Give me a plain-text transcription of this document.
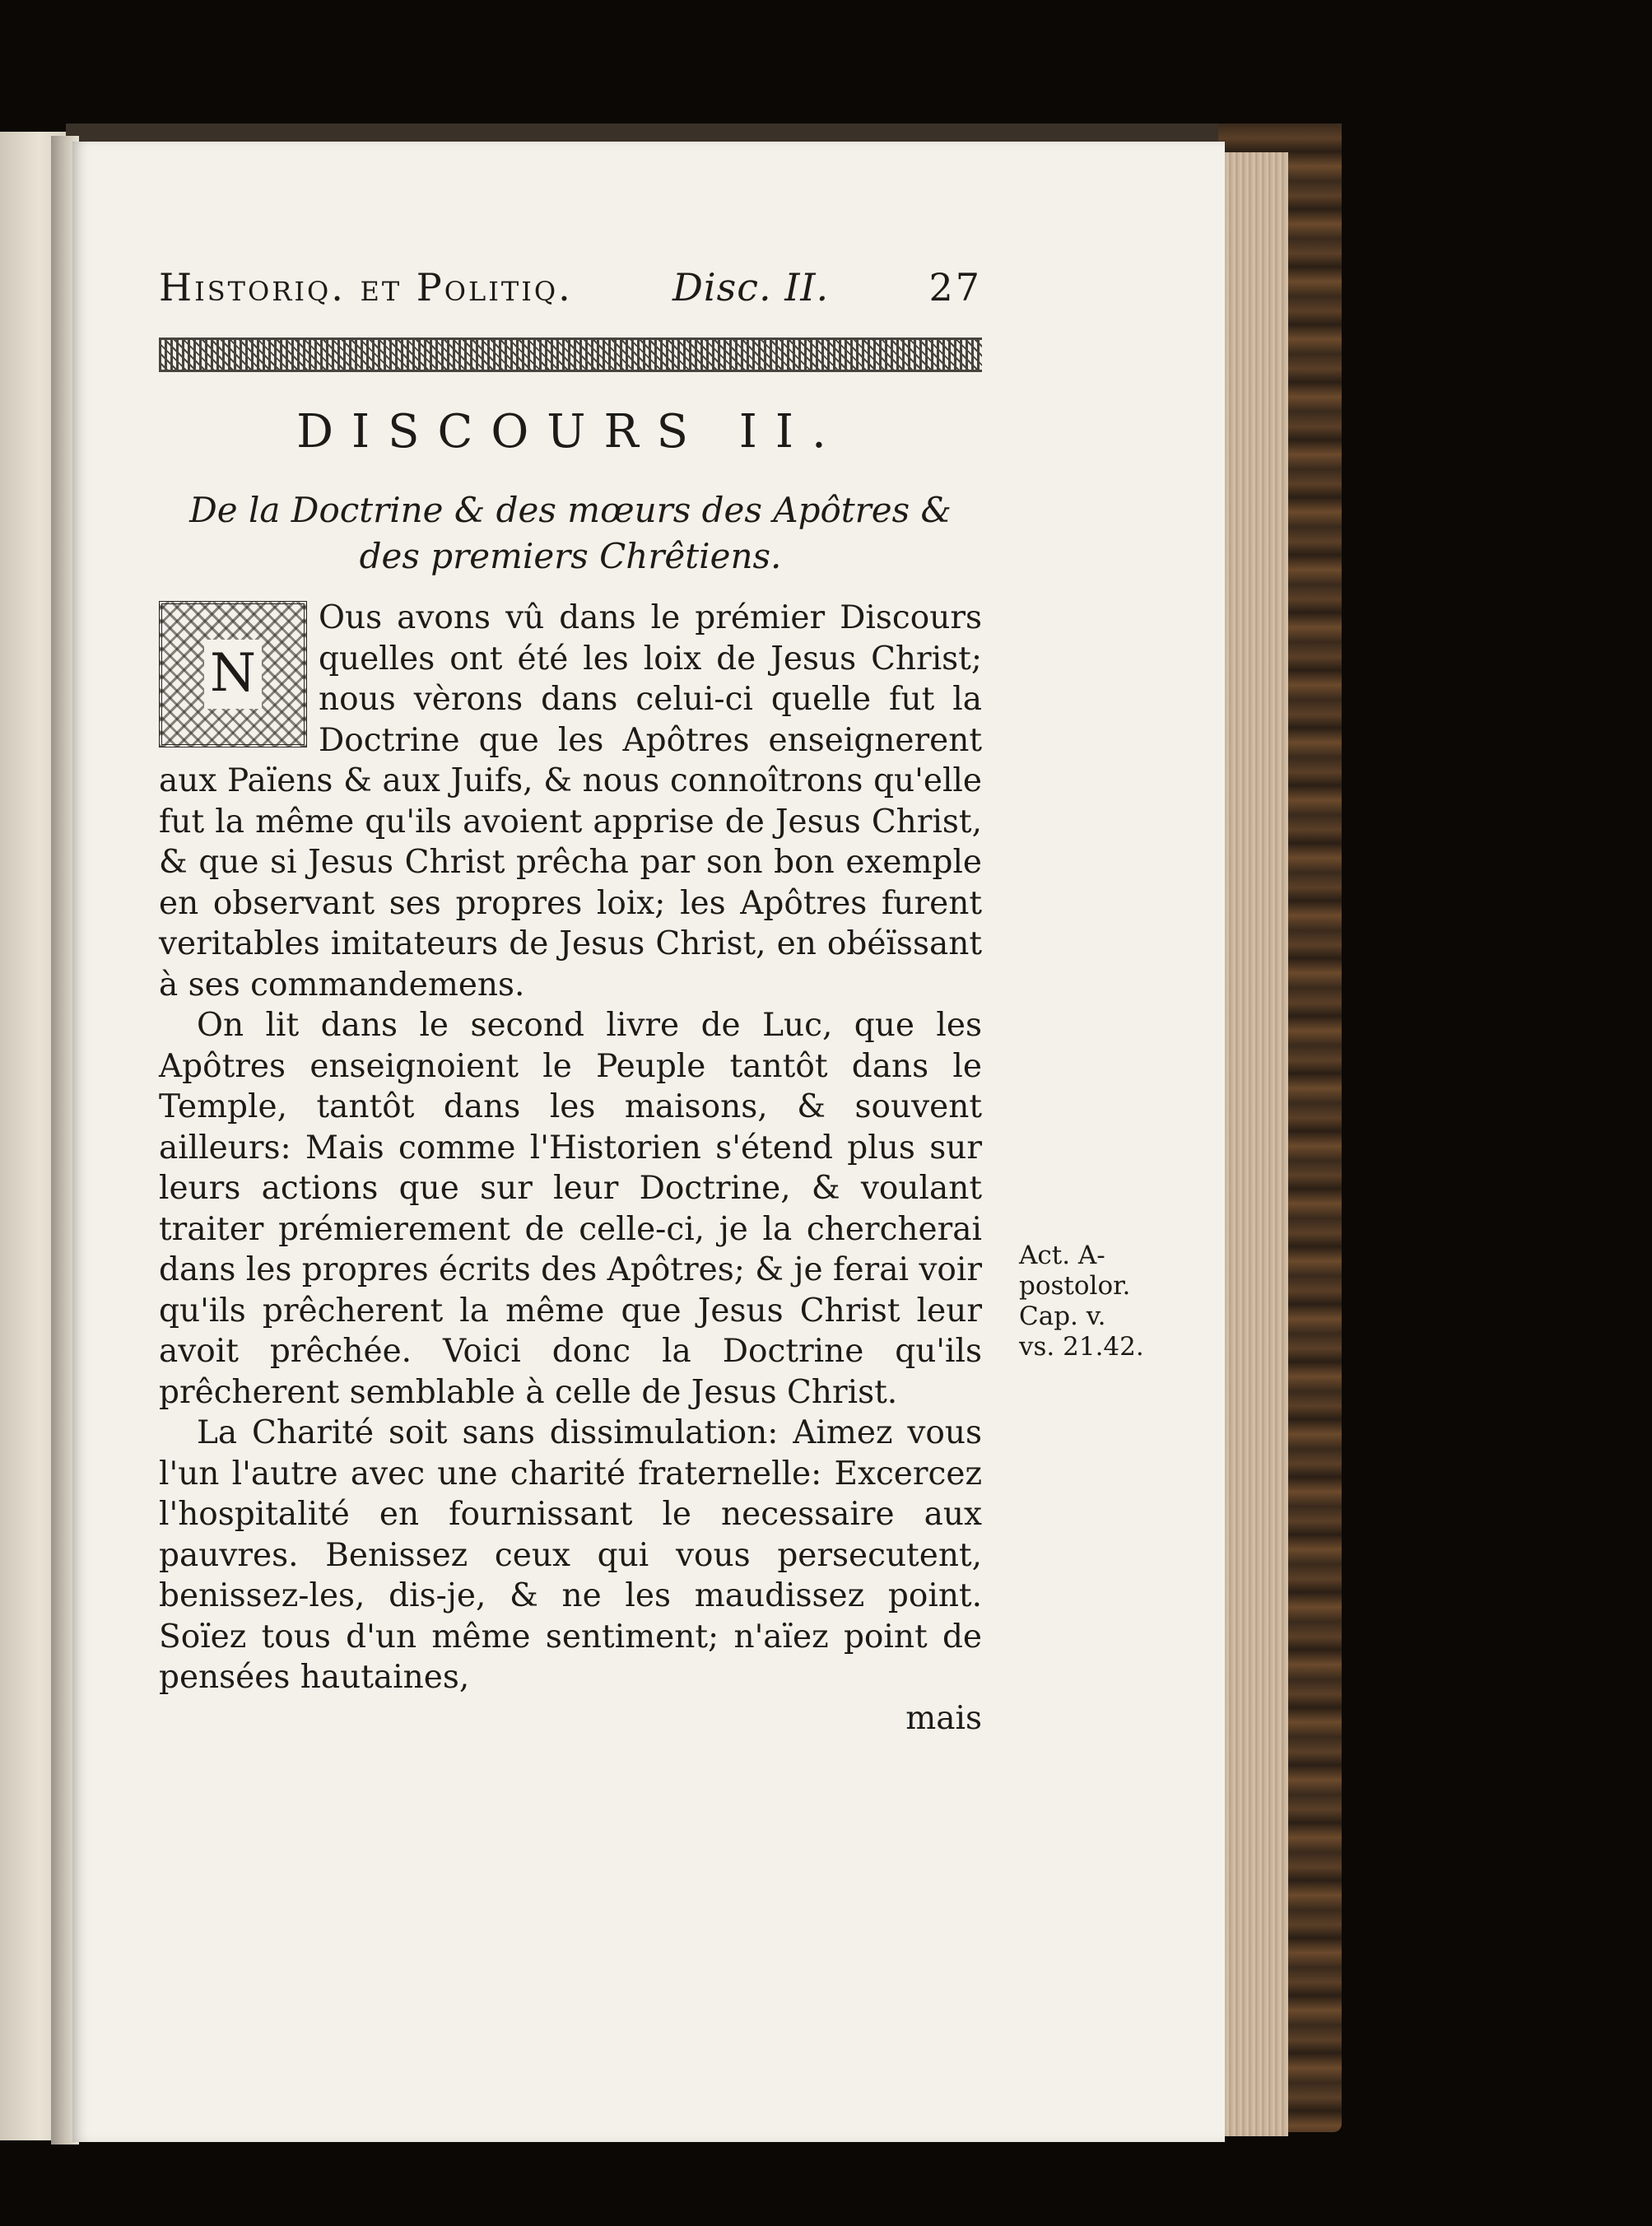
Historiq. et Politiq.	Disc. II.	27
DISCOURS II.
De la Doctrine & des mœurs des Apôtres & des premiers Chrêtiens.

N
Ous avons vû dans le prémier Discours quelles ont été les loix de Jesus Christ; nous vèrons dans celui-ci quelle fut la Doctrine que les Apôtres enseignerent aux Païens & aux Juifs, & nous connoîtrons qu'elle fut la même qu'ils avoient apprise de Jesus Christ, & que si Jesus Christ prêcha par son bon exemple en observant ses propres loix; les Apôtres furent veritables imitateurs de Jesus Christ, en obéïssant à ses commandemens.

On lit dans le second livre de Luc, que les Apôtres enseignoient le Peuple tantôt dans le Temple, tantôt dans les maisons, & souvent ailleurs: Mais comme l'Historien s'étend plus sur leurs actions que sur leur Doctrine, & voulant traiter prémierement de celle-ci, je la chercherai dans les propres écrits des Apôtres; & je ferai voir qu'ils prêcherent la même que Jesus Christ leur avoit prêchée. Voici donc la Doctrine qu'ils prêcherent semblable à celle de Jesus Christ.

La Charité soit sans dissimulation: Aimez vous l'un l'autre avec une charité fraternelle: Excercez l'hospitalité en fournissant le necessaire aux pauvres. Benissez ceux qui vous persecutent, benissez-les, dis-je, & ne les maudissez point. Soïez tous d'un même sentiment; n'aïez point de pensées hautaines,

mais
Act. A-
postolor.
Cap. v.
vs. 21.42.
